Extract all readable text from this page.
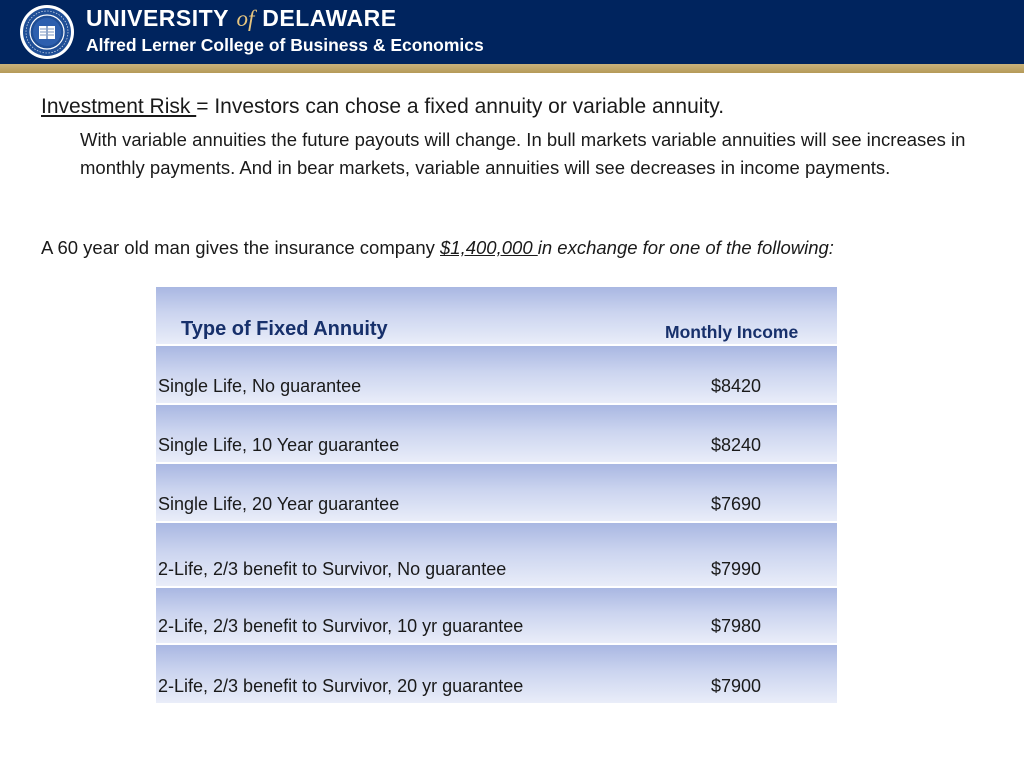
UNIVERSITY of DELAWARE
Alfred Lerner College of Business & Economics
Investment Risk = Investors can chose a fixed annuity or variable annuity.
With variable annuities the future payouts will change. In bull markets variable annuities will see increases in monthly payments. And in bear markets, variable annuities will see decreases in income payments.
A 60 year old man gives the insurance company $1,400,000 in exchange for one of the following:
Type of Fixed Annuity	Monthly Income
Single Life, No guarantee	$8420
Single Life, 10 Year guarantee	$8240
Single Life, 20 Year guarantee	$7690
2-Life, 2/3 benefit to Survivor, No guarantee	$7990
2-Life, 2/3 benefit to Survivor, 10 yr guarantee	$7980
2-Life, 2/3 benefit to Survivor, 20 yr guarantee	$7900
